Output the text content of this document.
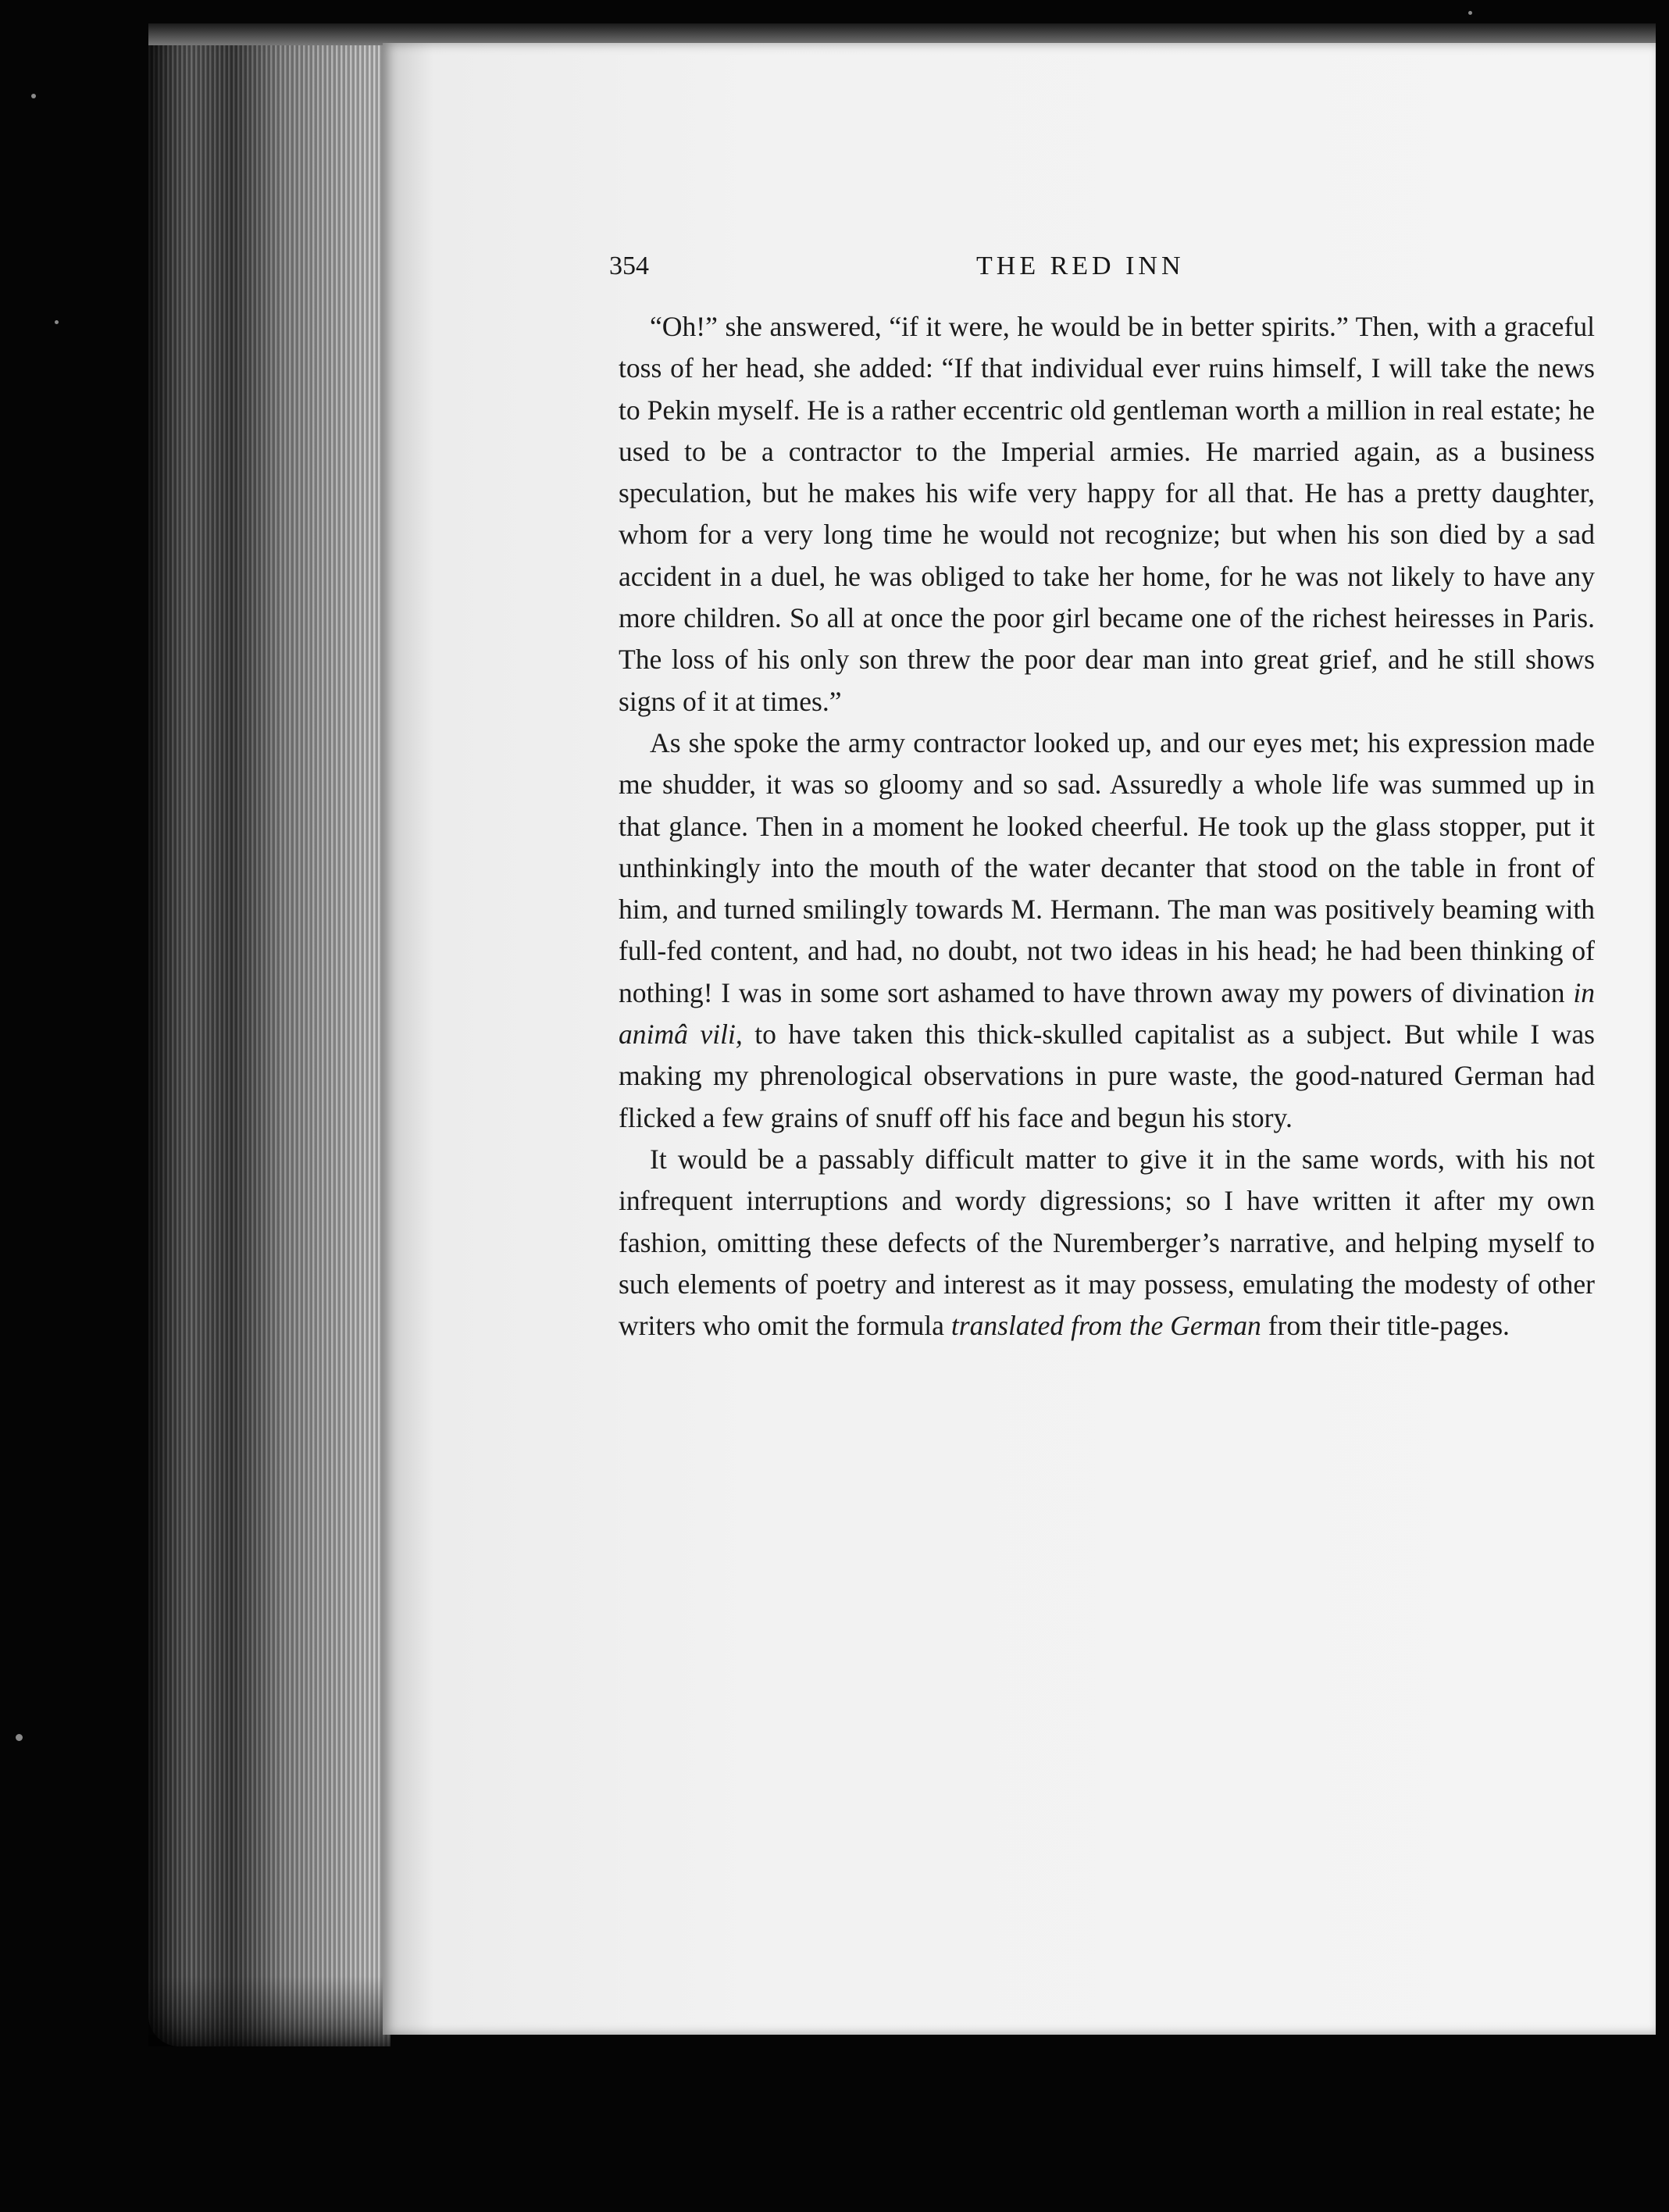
354	THE RED INN

“Oh!” she answered, “if it were, he would be in better spirits.” Then, with a graceful toss of her head, she added: “If that individual ever ruins himself, I will take the news to Pekin myself. He is a rather eccentric old gentleman worth a million in real estate; he used to be a contractor to the Imperial armies. He married again, as a business speculation, but he makes his wife very happy for all that. He has a pretty daughter, whom for a very long time he would not recognize; but when his son died by a sad accident in a duel, he was obliged to take her home, for he was not likely to have any more children. So all at once the poor girl became one of the richest heiresses in Paris. The loss of his only son threw the poor dear man into great grief, and he still shows signs of it at times.”

As she spoke the army contractor looked up, and our eyes met; his expression made me shudder, it was so gloomy and so sad. Assuredly a whole life was summed up in that glance. Then in a moment he looked cheerful. He took up the glass stopper, put it unthinkingly into the mouth of the water decanter that stood on the table in front of him, and turned smilingly towards M. Hermann. The man was positively beaming with full-fed content, and had, no doubt, not two ideas in his head; he had been thinking of nothing! I was in some sort ashamed to have thrown away my powers of divination in animâ vili, to have taken this thick-skulled capitalist as a subject. But while I was making my phrenological observations in pure waste, the good-natured German had flicked a few grains of snuff off his face and begun his story.

It would be a passably difficult matter to give it in the same words, with his not infrequent interruptions and wordy digressions; so I have written it after my own fashion, omitting these defects of the Nuremberger’s narrative, and helping myself to such elements of poetry and interest as it may possess, emulating the modesty of other writers who omit the formula translated from the German from their title-pages.
